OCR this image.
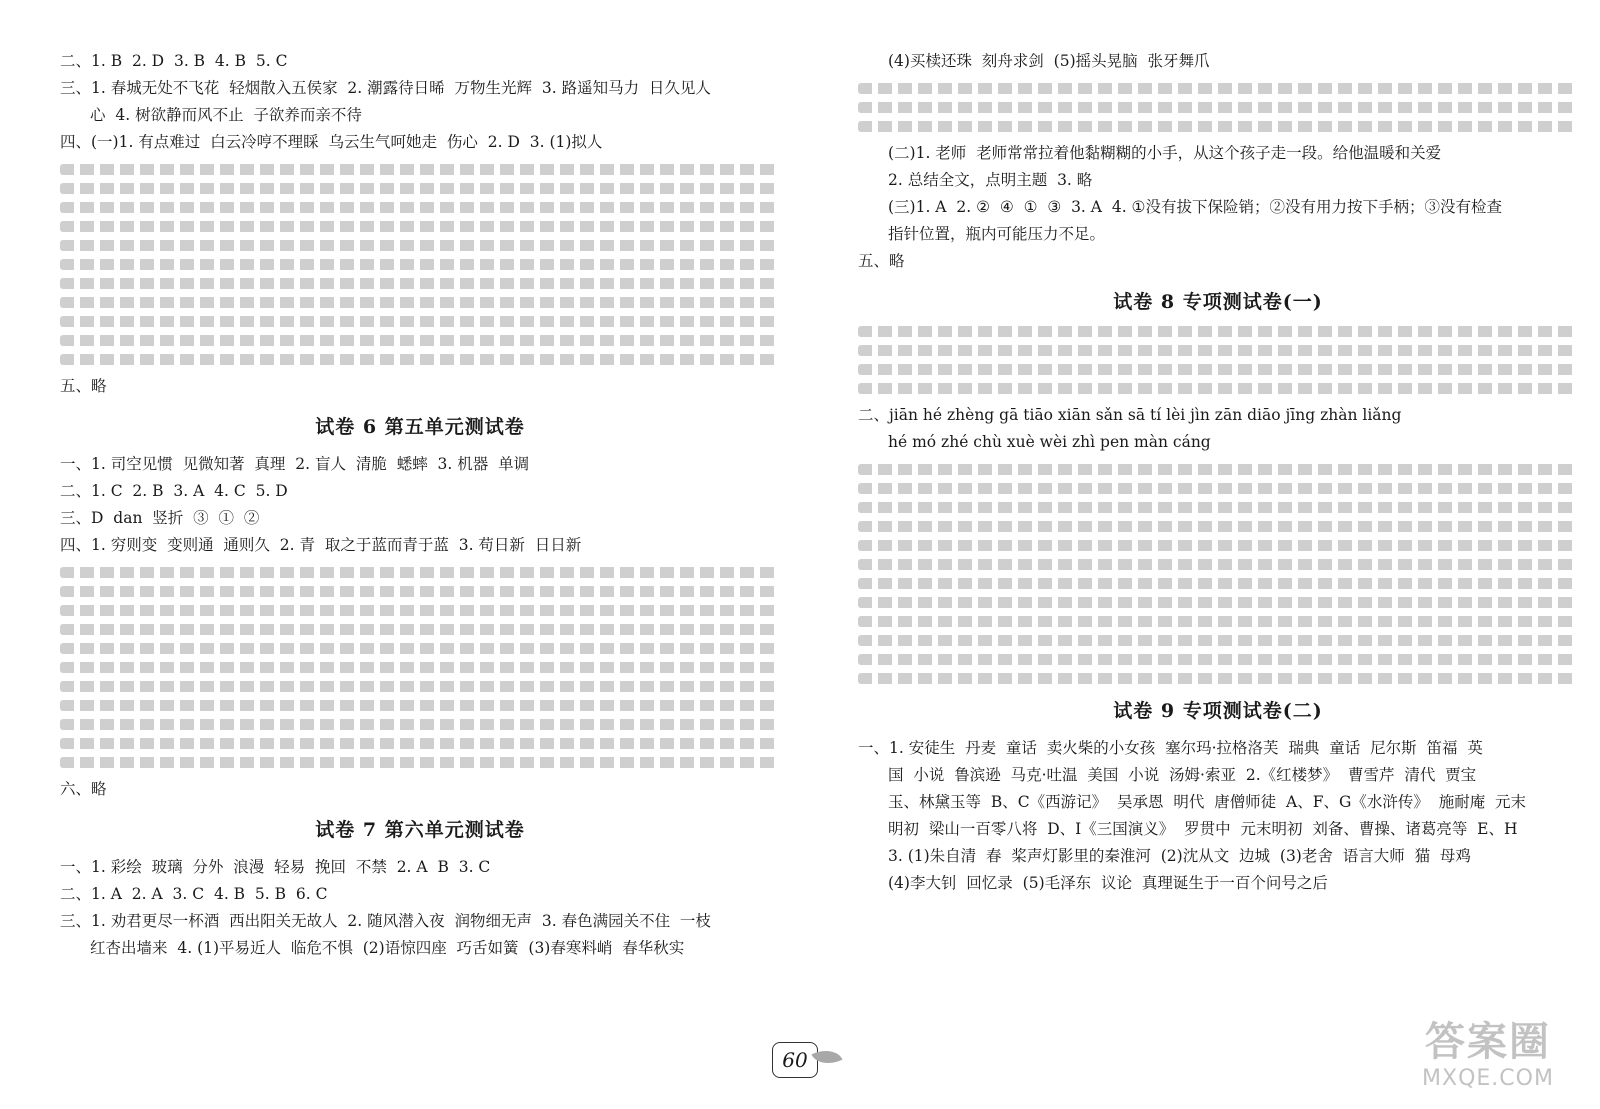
二、1. B  2. D  3. B  4. B  5. C

三、1. 春城无处不飞花  轻烟散入五侯家  2. 潮露待日晞  万物生光辉  3. 路遥知马力  日久见人

心  4. 树欲静而风不止  子欲养而亲不待

四、(一)1. 有点难过  白云冷哼不理睬  乌云生气呵她走  伤心  2. D  3. (1)拟人

五、略

试卷 6 第五单元测试卷

一、1. 司空见惯  见微知著  真理  2. 盲人  清脆  蟋蟀  3. 机器  单调

二、1. C  2. B  3. A  4. C  5. D

三、D  dan  竖折  ③  ①  ②

四、1. 穷则变  变则通  通则久  2. 青  取之于蓝而青于蓝  3. 苟日新  日日新

六、略

试卷 7 第六单元测试卷

一、1. 彩绘  玻璃  分外  浪漫  轻易  挽回  不禁  2. A  B  3. C

二、1. A  2. A  3. C  4. B  5. B  6. C

三、1. 劝君更尽一杯酒  西出阳关无故人  2. 随风潜入夜  润物细无声  3. 春色满园关不住  一枝

红杏出墙来  4. (1)平易近人  临危不惧  (2)语惊四座  巧舌如簧  (3)春寒料峭  春华秋实

(4)买椟还珠  刻舟求剑  (5)摇头晃脑  张牙舞爪

(二)1. 老师  老师常常拉着他黏糊糊的小手，从这个孩子走一段。给他温暖和关爱

2. 总结全文，点明主题  3. 略

(三)1. A  2. ②  ④  ①  ③  3. A  4. ①没有拔下保险销；②没有用力按下手柄；③没有检查

指针位置，瓶内可能压力不足。

五、略

试卷 8 专项测试卷(一)

二、jiān hé zhèng gā tiāo xiān sǎn sā tí lèi jìn zān diāo jīng zhàn liǎng

hé mó zhé chù xuè wèi zhì pen màn cáng

试卷 9 专项测试卷(二)

一、1. 安徒生  丹麦  童话  卖火柴的小女孩  塞尔玛·拉格洛芙  瑞典  童话  尼尔斯  笛福  英

国  小说  鲁滨逊  马克·吐温  美国  小说  汤姆·索亚  2.《红楼梦》  曹雪芹  清代  贾宝

玉、林黛玉等  B、C《西游记》  吴承恩  明代  唐僧师徒  A、F、G《水浒传》  施耐庵  元末

明初  梁山一百零八将  D、I《三国演义》  罗贯中  元末明初  刘备、曹操、诸葛亮等  E、H

3. (1)朱自清  春  桨声灯影里的秦淮河  (2)沈从文  边城  (3)老舍  语言大师  猫  母鸡

(4)李大钊  回忆录  (5)毛泽东  议论  真理诞生于一百个问号之后

60	答案圈
MXQE.COM
